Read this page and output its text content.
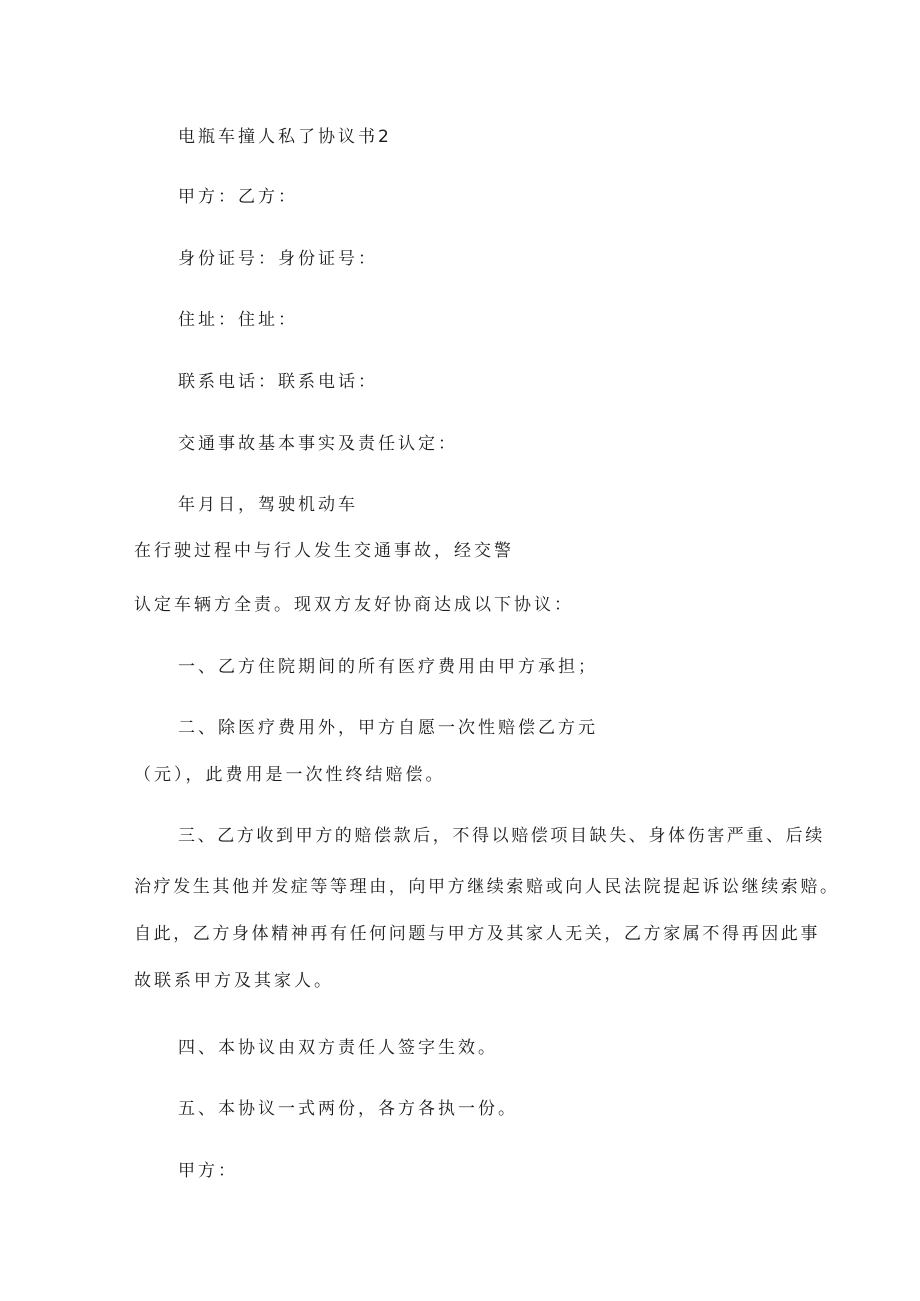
电瓶车撞人私了协议书2

甲方：乙方：

身份证号：身份证号：

住址：住址：

联系电话：联系电话：

交通事故基本事实及责任认定：

年月日，驾驶机动车

在行驶过程中与行人发生交通事故，经交警

认定车辆方全责。现双方友好协商达成以下协议：

一、乙方住院期间的所有医疗费用由甲方承担；

二、除医疗费用外，甲方自愿一次性赔偿乙方元

（元），此费用是一次性终结赔偿。

三、乙方收到甲方的赔偿款后，不得以赔偿项目缺失、身体伤害严重、后续

治疗发生其他并发症等等理由，向甲方继续索赔或向人民法院提起诉讼继续索赔。

自此，乙方身体精神再有任何问题与甲方及其家人无关，乙方家属不得再因此事

故联系甲方及其家人。

四、本协议由双方责任人签字生效。

五、本协议一式两份，各方各执一份。

甲方：
